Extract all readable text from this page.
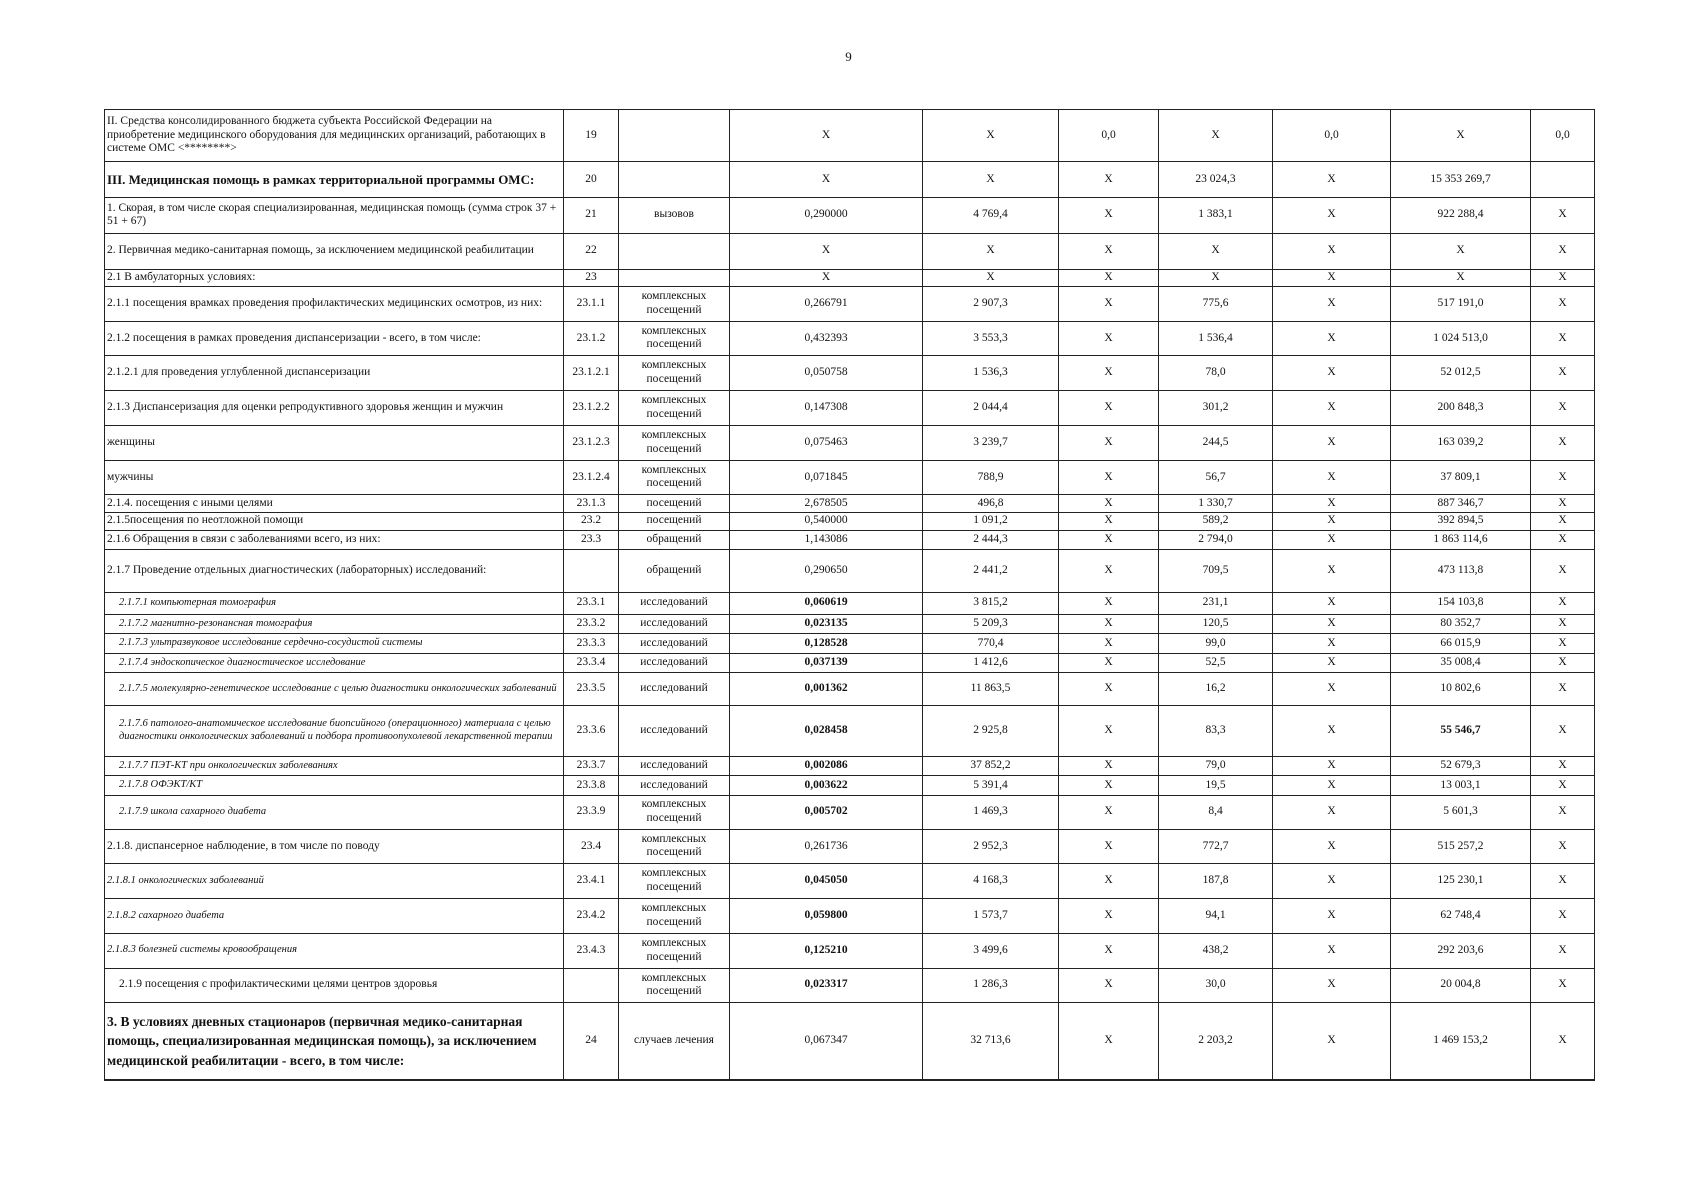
9
II. Средства консолидированного бюджета субъекта Российской Федерации на приобретение медицинского оборудования для медицинских организаций, работающих в системе ОМС <********>	19		X	X	0,0	X	0,0	X	0,0
III. Медицинская помощь в рамках территориальной программы ОМС:	20		X	X	X	23 024,3	X	15 353 269,7	
1. Скорая, в том числе скорая специализированная, медицинская помощь (сумма строк 37 + 51 + 67)	21	вызовов	0,290000	4 769,4	X	1 383,1	X	922 288,4	X
2. Первичная медико-санитарная помощь, за исключением медицинской реабилитации	22		X	X	X	X	X	X	X
2.1 В амбулаторных условиях:	23		X	X	X	X	X	X	X
2.1.1 посещения врамках проведения профилактических медицинских осмотров, из них:	23.1.1	комплексных посещений	0,266791	2 907,3	X	775,6	X	517 191,0	X
2.1.2 посещения в рамках проведения диспансеризации - всего, в том числе:	23.1.2	комплексных посещений	0,432393	3 553,3	X	1 536,4	X	1 024 513,0	X
2.1.2.1 для проведения углубленной диспансеризации	23.1.2.1	комплексных посещений	0,050758	1 536,3	X	78,0	X	52 012,5	X
2.1.3 Диспансеризация для оценки репродуктивного здоровья женщин и мужчин	23.1.2.2	комплексных посещений	0,147308	2 044,4	X	301,2	X	200 848,3	X
женщины	23.1.2.3	комплексных посещений	0,075463	3 239,7	X	244,5	X	163 039,2	X
мужчины	23.1.2.4	комплексных посещений	0,071845	788,9	X	56,7	X	37 809,1	X
2.1.4. посещения с иными целями	23.1.3	посещений	2,678505	496,8	X	1 330,7	X	887 346,7	X
2.1.5посещения по неотложной помощи	23.2	посещений	0,540000	1 091,2	X	589,2	X	392 894,5	X
2.1.6 Обращения в связи с заболеваниями всего, из них:	23.3	обращений	1,143086	2 444,3	X	2 794,0	X	1 863 114,6	X
2.1.7 Проведение отдельных диагностических (лабораторных) исследований:		обращений	0,290650	2 441,2	X	709,5	X	473 113,8	X
2.1.7.1 компьютерная томография	23.3.1	исследований	0,060619	3 815,2	X	231,1	X	154 103,8	X
2.1.7.2 магнитно-резонансная томография	23.3.2	исследований	0,023135	5 209,3	X	120,5	X	80 352,7	X
2.1.7.3 ультразвуковое исследование сердечно-сосудистой системы	23.3.3	исследований	0,128528	770,4	X	99,0	X	66 015,9	X
2.1.7.4 эндоскопическое диагностическое исследование	23.3.4	исследований	0,037139	1 412,6	X	52,5	X	35 008,4	X
2.1.7.5 молекулярно-генетическое исследование с целью диагностики онкологических заболеваний	23.3.5	исследований	0,001362	11 863,5	X	16,2	X	10 802,6	X
2.1.7.6 патолого-анатомическое исследование биопсийного (операционного) материала с целью диагностики онкологических заболеваний и подбора противоопухолевой лекарственной терапии	23.3.6	исследований	0,028458	2 925,8	X	83,3	X	55 546,7	X
2.1.7.7 ПЭТ-КТ при онкологических заболеваниях	23.3.7	исследований	0,002086	37 852,2	X	79,0	X	52 679,3	X
2.1.7.8 ОФЭКТ/КТ	23.3.8	исследований	0,003622	5 391,4	X	19,5	X	13 003,1	X
2.1.7.9 школа сахарного диабета	23.3.9	комплексных посещений	0,005702	1 469,3	X	8,4	X	5 601,3	X
2.1.8. диспансерное наблюдение, в том числе по поводу	23.4	комплексных посещений	0,261736	2 952,3	X	772,7	X	515 257,2	X
2.1.8.1 онкологических заболеваний	23.4.1	комплексных посещений	0,045050	4 168,3	X	187,8	X	125 230,1	X
2.1.8.2 сахарного диабета	23.4.2	комплексных посещений	0,059800	1 573,7	X	94,1	X	62 748,4	X
2.1.8.3 болезней системы кровообращения	23.4.3	комплексных посещений	0,125210	3 499,6	X	438,2	X	292 203,6	X
2.1.9 посещения с профилактическими целями центров здоровья		комплексных посещений	0,023317	1 286,3	X	30,0	X	20 004,8	X
3. В условиях дневных стационаров (первичная медико-санитарная помощь, специализированная медицинская помощь), за исключением медицинской реабилитации - всего, в том числе:	24	случаев лечения	0,067347	32 713,6	X	2 203,2	X	1 469 153,2	X
